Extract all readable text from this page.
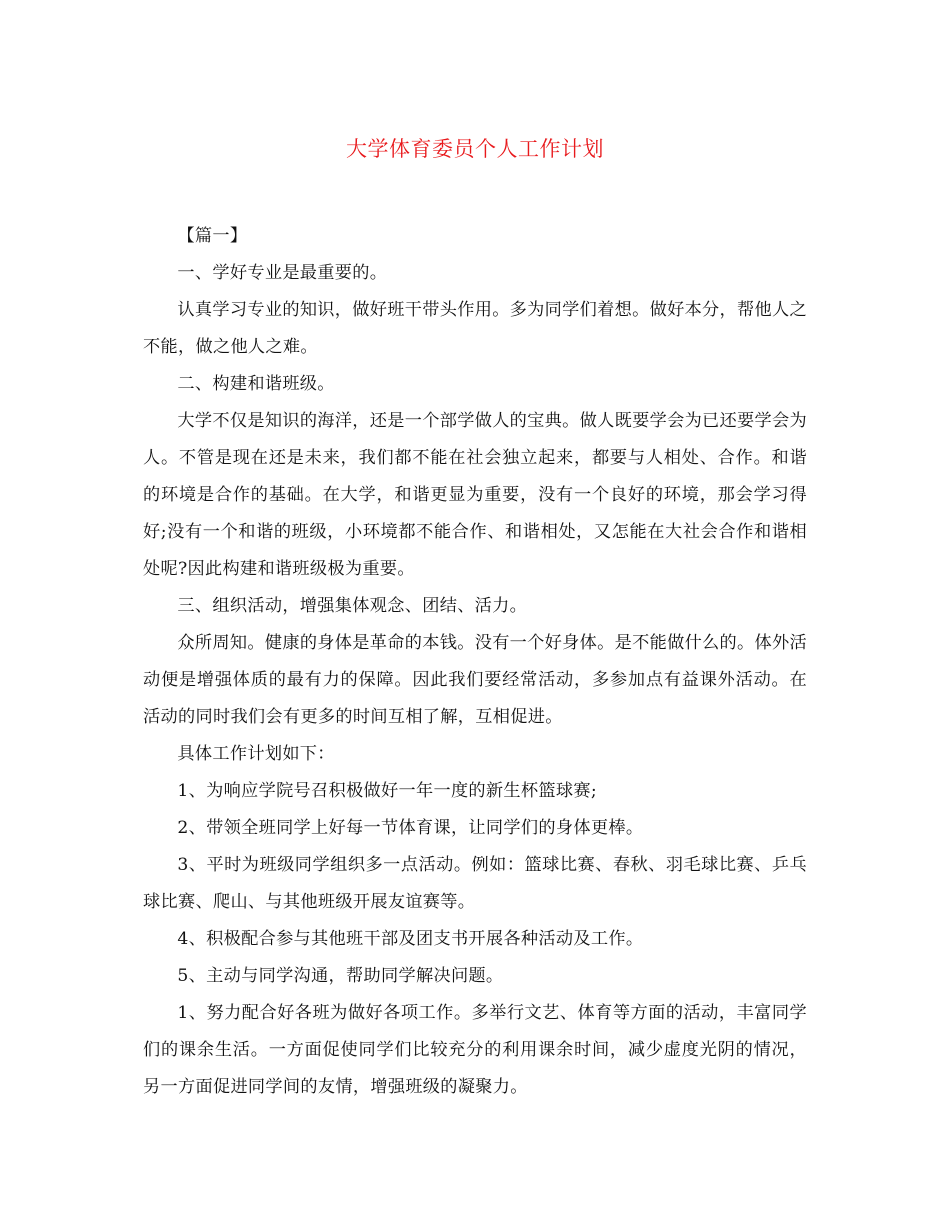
大学体育委员个人工作计划

【篇一】

一、学好专业是最重要的。

认真学习专业的知识，做好班干带头作用。多为同学们着想。做好本分，帮他人之不能，做之他人之难。

二、构建和谐班级。

大学不仅是知识的海洋，还是一个部学做人的宝典。做人既要学会为已还要学会为人。不管是现在还是未来，我们都不能在社会独立起来，都要与人相处、合作。和谐的环境是合作的基础。在大学，和谐更显为重要，没有一个良好的环境，那会学习得好;没有一个和谐的班级，小环境都不能合作、和谐相处，又怎能在大社会合作和谐相处呢?因此构建和谐班级极为重要。

三、组织活动，增强集体观念、团结、活力。

众所周知。健康的身体是革命的本钱。没有一个好身体。是不能做什么的。体外活动便是增强体质的最有力的保障。因此我们要经常活动，多参加点有益课外活动。在活动的同时我们会有更多的时间互相了解，互相促进。

具体工作计划如下：

1、为响应学院号召积极做好一年一度的新生杯篮球赛;

2、带领全班同学上好每一节体育课，让同学们的身体更棒。

3、平时为班级同学组织多一点活动。例如：篮球比赛、春秋、羽毛球比赛、乒乓球比赛、爬山、与其他班级开展友谊赛等。

4、积极配合参与其他班干部及团支书开展各种活动及工作。

5、主动与同学沟通，帮助同学解决问题。

1、努力配合好各班为做好各项工作。多举行文艺、体育等方面的活动，丰富同学们的课余生活。一方面促使同学们比较充分的利用课余时间，减少虚度光阴的情况，另一方面促进同学间的友情，增强班级的凝聚力。
